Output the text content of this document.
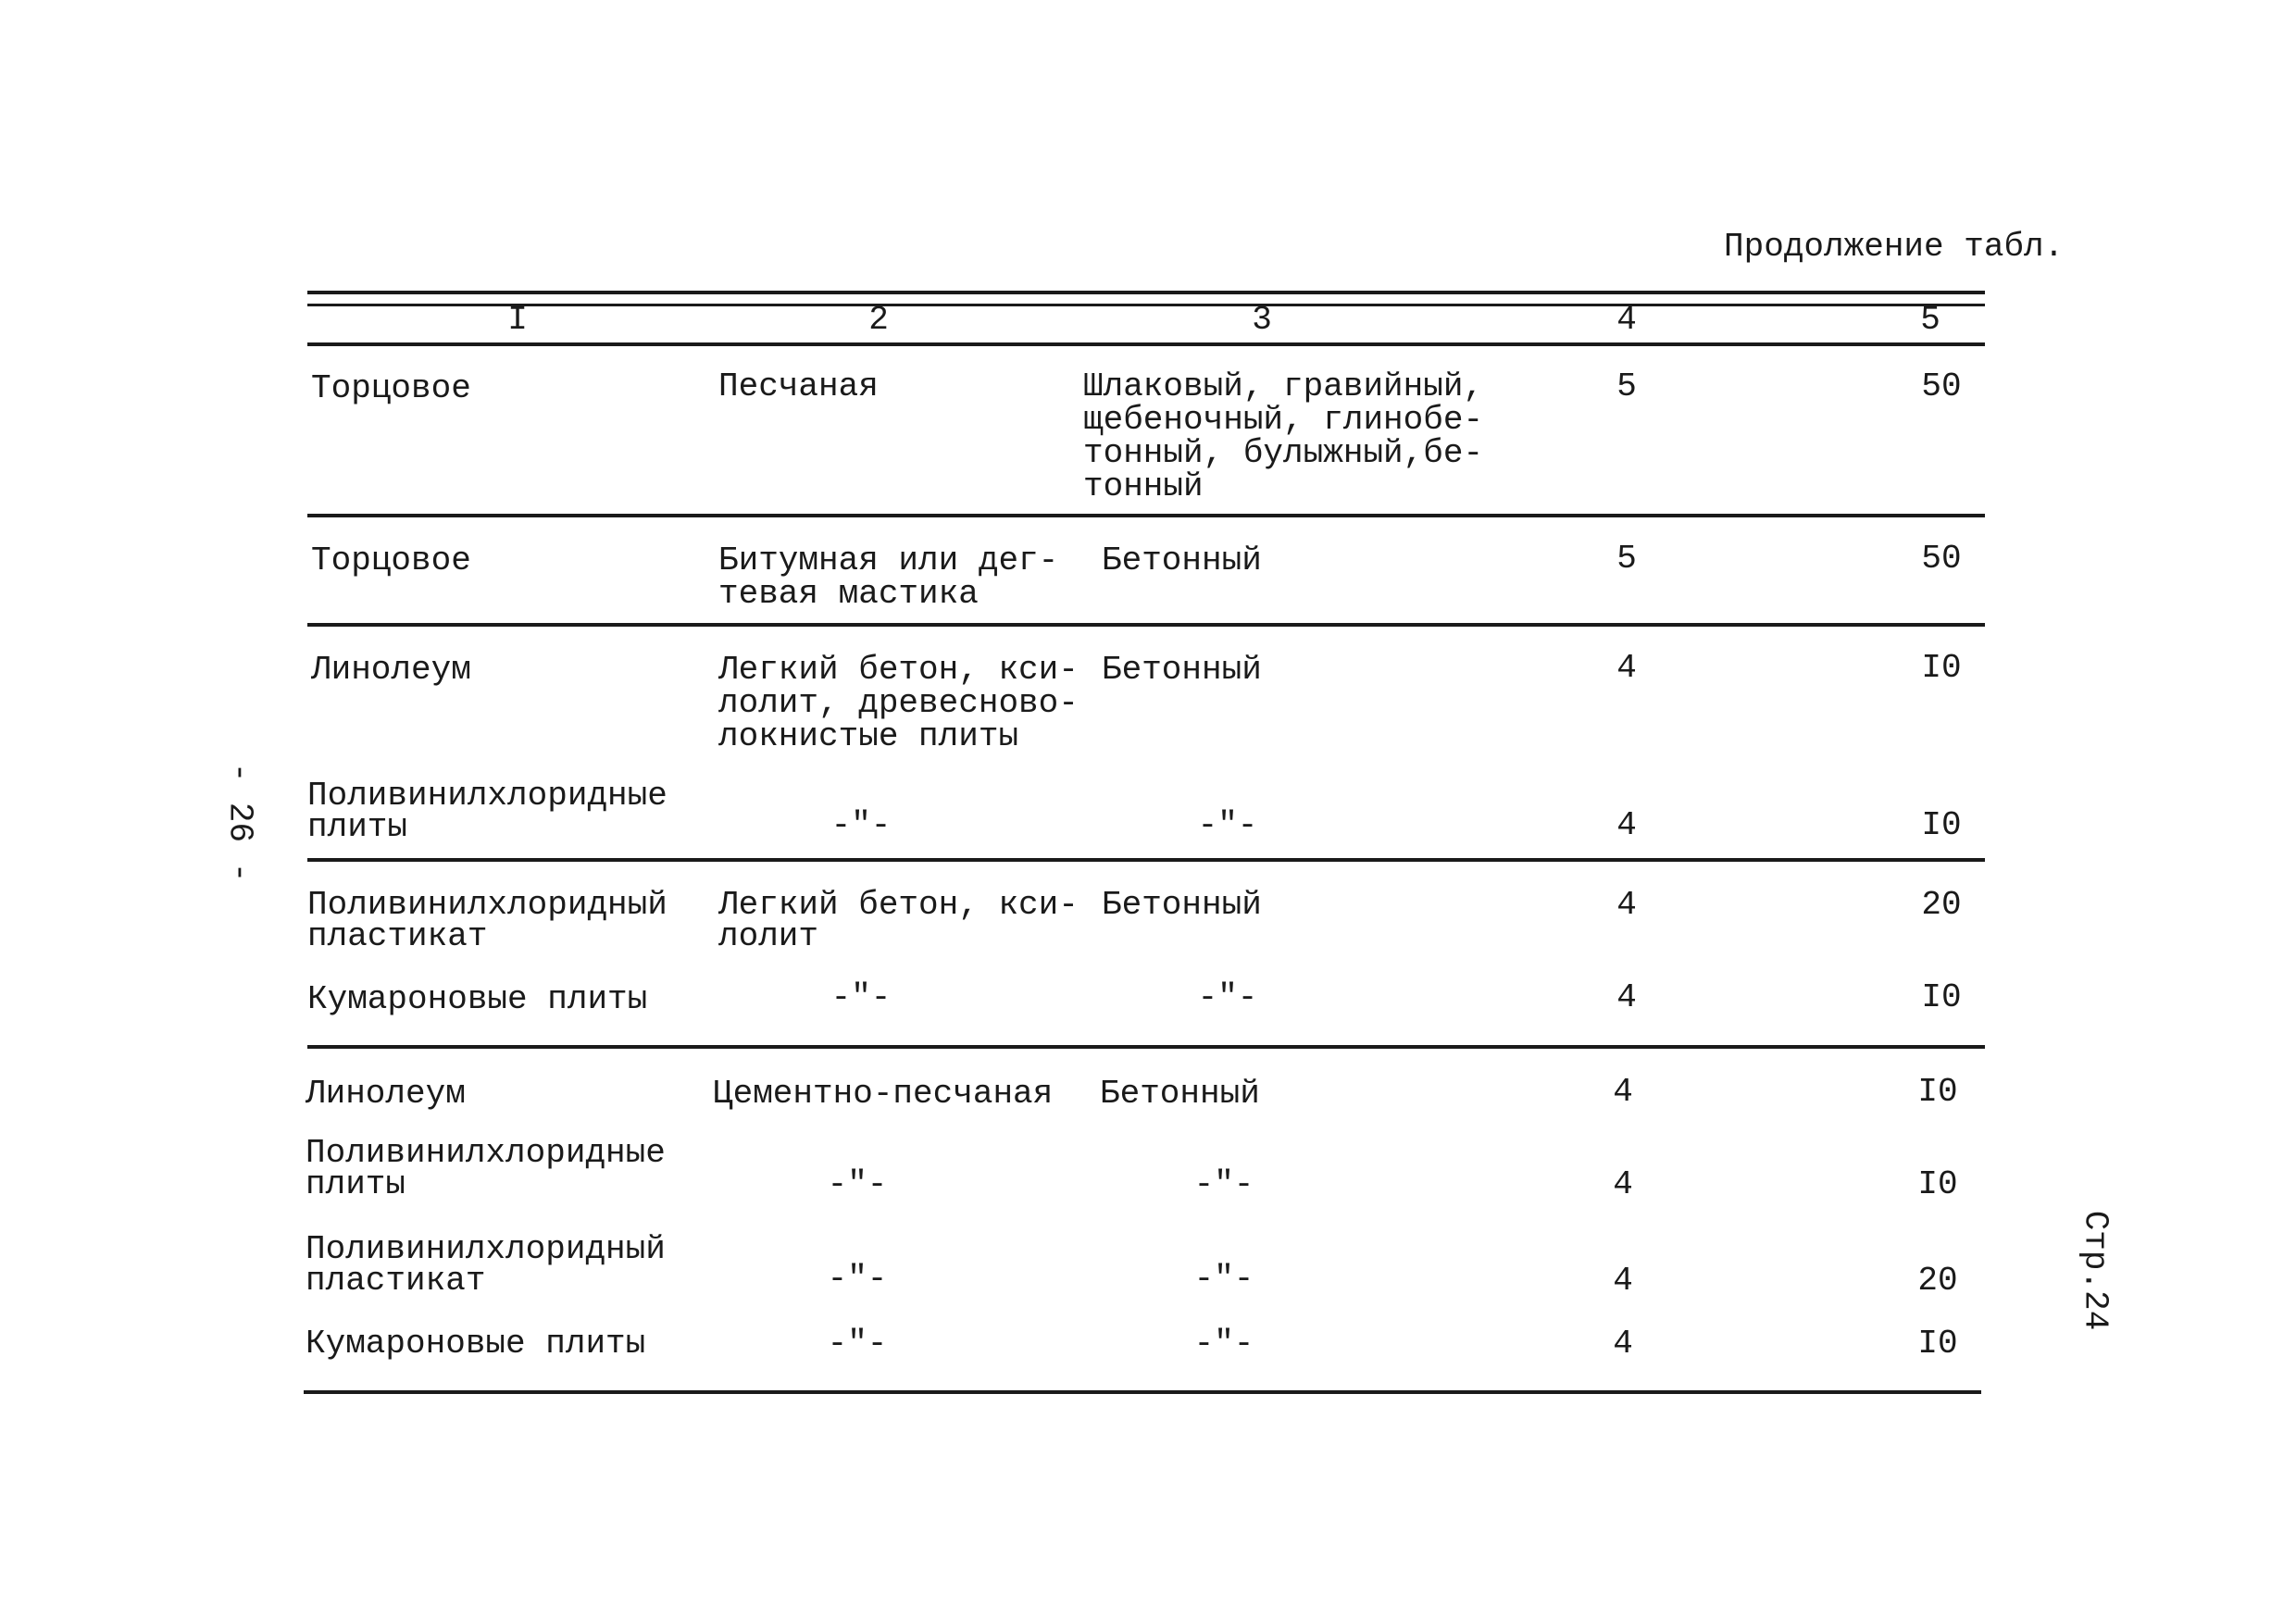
Продолжение табл.
- 26 -
Стр.24
I	2	3	4	5
Торцовое	Песчаная	Шлаковый, гравийный,
щебеночный, глинобе-
тонный, булыжный,бе-
тонный
5	50
Торцовое	Битумная или дег-
тевая мастика
Бетонный	5	50
Линолеум	Легкий бетон, кси-
лолит, древесново-
локнистые плиты
Бетонный	4	I0
Поливинилхлоридные
плиты	-"-	-"-	4	I0
Поливинилхлоридный
пластикат
Легкий бетон, кси-
лолит
Бетонный	4	20
Кумароновые плиты	-"-	-"-	4	I0
Линолеум	Цементно-песчаная Бетонный	4	I0
Поливинилхлоридные
плиты	-"-	-"-	4	I0
Поливинилхлоридный
пластикат	-"-	-"-	4	20
Кумароновые плиты	-"-	-"-	4	I0
